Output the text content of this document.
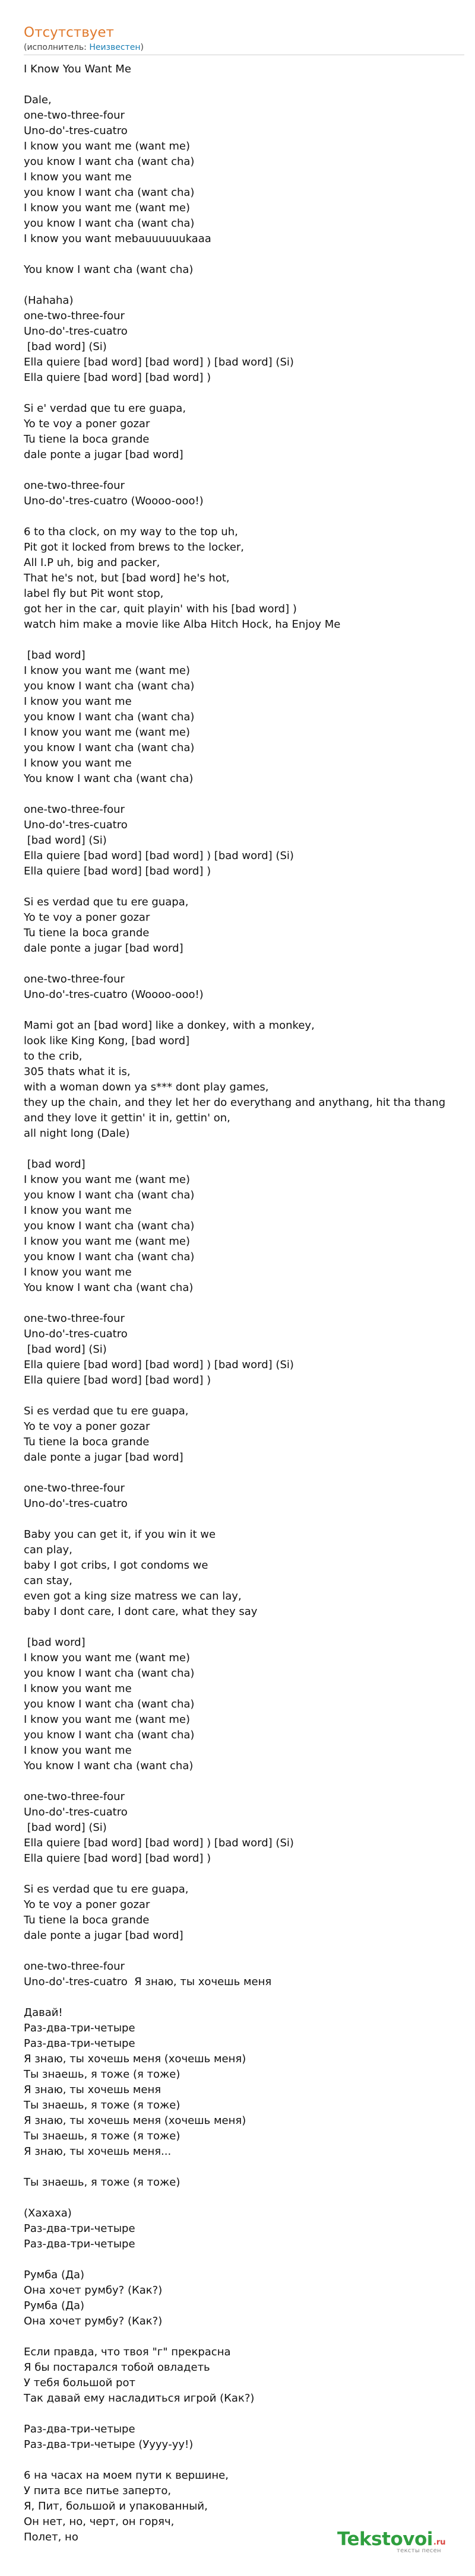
Отсутствует
(исполнитель: Неизвестен)
I Know You Want Me
Dale,
one-two-three-four
Uno-do'-tres-cuatro
I know you want me (want me)
you know I want cha (want cha)
I know you want me
you know I want cha (want cha)
I know you want me (want me)
you know I want cha (want cha)
I know you want mebauuuuuukaaa
You know I want cha (want cha)
(Hahaha)
one-two-three-four
Uno-do'-tres-cuatro
[bad word] (Si)
Ella quiere [bad word] [bad word] ) [bad word] (Si)
Ella quiere [bad word] [bad word] )
Si e' verdad que tu ere guapa,
Yo te voy a poner gozar
Tu tiene la boca grande
dale ponte a jugar [bad word]
one-two-three-four
Uno-do'-tres-cuatro (Woooo-ooo!)
6 to tha clock, on my way to the top uh,
Pit got it locked from brews to the locker,
All I.P uh, big and packer,
That he's not, but [bad word] he's hot,
label fly but Pit wont stop,
got her in the car, quit playin' with his [bad word] )
watch him make a movie like Alba Hitch Hock, ha Enjoy Me
[bad word]
I know you want me (want me)
you know I want cha (want cha)
I know you want me
you know I want cha (want cha)
I know you want me (want me)
you know I want cha (want cha)
I know you want me
You know I want cha (want cha)
one-two-three-four
Uno-do'-tres-cuatro
[bad word] (Si)
Ella quiere [bad word] [bad word] ) [bad word] (Si)
Ella quiere [bad word] [bad word] )
Si es verdad que tu ere guapa,
Yo te voy a poner gozar
Tu tiene la boca grande
dale ponte a jugar [bad word]
one-two-three-four
Uno-do'-tres-cuatro (Woooo-ooo!)
Mami got an [bad word] like a donkey, with a monkey,
look like King Kong, [bad word]
to the crib,
305 thats what it is,
with a woman down ya s*** dont play games,
they up the chain, and they let her do everythang and anythang, hit tha thang
and they love it gettin' it in, gettin' on,
all night long (Dale)
[bad word]
I know you want me (want me)
you know I want cha (want cha)
I know you want me
you know I want cha (want cha)
I know you want me (want me)
you know I want cha (want cha)
I know you want me
You know I want cha (want cha)
one-two-three-four
Uno-do'-tres-cuatro
[bad word] (Si)
Ella quiere [bad word] [bad word] ) [bad word] (Si)
Ella quiere [bad word] [bad word] )
Si es verdad que tu ere guapa,
Yo te voy a poner gozar
Tu tiene la boca grande
dale ponte a jugar [bad word]
one-two-three-four
Uno-do'-tres-cuatro
Baby you can get it, if you win it we
can play,
baby I got cribs, I got condoms we
can stay,
even got a king size matress we can lay,
baby I dont care, I dont care, what they say
[bad word]
I know you want me (want me)
you know I want cha (want cha)
I know you want me
you know I want cha (want cha)
I know you want me (want me)
you know I want cha (want cha)
I know you want me
You know I want cha (want cha)
one-two-three-four
Uno-do'-tres-cuatro
[bad word] (Si)
Ella quiere [bad word] [bad word] ) [bad word] (Si)
Ella quiere [bad word] [bad word] )
Si es verdad que tu ere guapa,
Yo te voy a poner gozar
Tu tiene la boca grande
dale ponte a jugar [bad word]
one-two-three-four
Uno-do'-tres-cuatro  Я знаю, ты хочешь меня
Давай!
Раз-два-три-четыре
Раз-два-три-четыре
Я знаю, ты хочешь меня (хочешь меня)
Ты знаешь, я тоже (я тоже)
Я знаю, ты хочешь меня
Ты знаешь, я тоже (я тоже)
Я знаю, ты хочешь меня (хочешь меня)
Ты знаешь, я тоже (я тоже)
Я знаю, ты хочешь меня...
Ты знаешь, я тоже (я тоже)
(Хахаха)
Раз-два-три-четыре
Раз-два-три-четыре
Румба (Да)
Она хочет румбу? (Как?)
Румба (Да)
Она хочет румбу? (Как?)
Если правда, что твоя "г" прекрасна
Я бы постарался тобой овладеть
У тебя большой рот
Так давай ему насладиться игрой (Как?)
Раз-два-три-четыре
Раз-два-три-четыре (Уууу-уу!)
6 на часах на моем пути к вершине,
У пита все питье заперто,
Я, Пит, большой и упакованный,
Он нет, но, черт, он горяч,
Полет, но	Tekstovoi.ru
тексты песен
